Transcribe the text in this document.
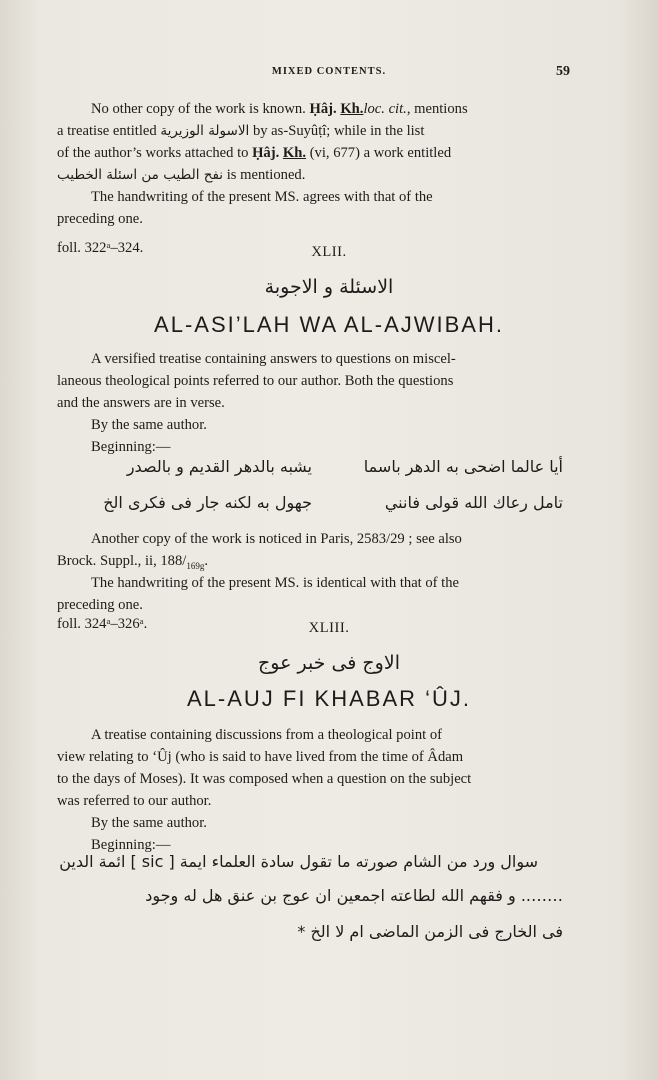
MIXED CONTENTS.	59
No other copy of the work is known. Ḥâj. Kh.loc. cit., mentions
a treatise entitled الاسولة الوزيرية by as-Suyûṭî; while in the list
of the author’s works attached to Ḥâj. Kh. (vi, 677) a work entitled
نفح الطيب من اسئلة الخطيب is mentioned.
The handwriting of the present MS. agrees with that of the
preceding one.
foll. 322ᵃ–324.	XLII.
الاسئلة و الاجوبة
AL-ASI’LAH WA AL-AJWIBAH.
A versified treatise containing answers to questions on miscel-
laneous theological points referred to our author. Both the questions
and the answers are in verse.
By the same author.
Beginning:—
أيا عالما اضحى به الدهر باسما
يشبه بالدهر القديم و بالصدر
تامل رعاك الله قولى فانني
جهول به لكنه جار فى فكرى الخ
Another copy of the work is noticed in Paris, 2583/29 ; see also
Brock. Suppl., ii, $188/_{169g}$.
The handwriting of the present MS. is identical with that of the
preceding one.
foll. 324ᵃ–326ᵃ.	XLIII.
الاوج فى خبر عوج
AL-AUJ FI KHABAR ‘ÛJ.
A treatise containing discussions from a theological point of
view relating to ‘Ûj (who is said to have lived from the time of Âdam
to the days of Moses). It was composed when a question on the subject
was referred to our author.
By the same author.
Beginning:—
سوال ورد من الشام صورته ما تقول سادة العلماء ايمة [ sic ] ائمة الدين
…….. و فقهم الله لطاعته اجمعين ان عوج بن عنق هل له وجود
فى الخارج فى الزمن الماضى ام لا الخ *
